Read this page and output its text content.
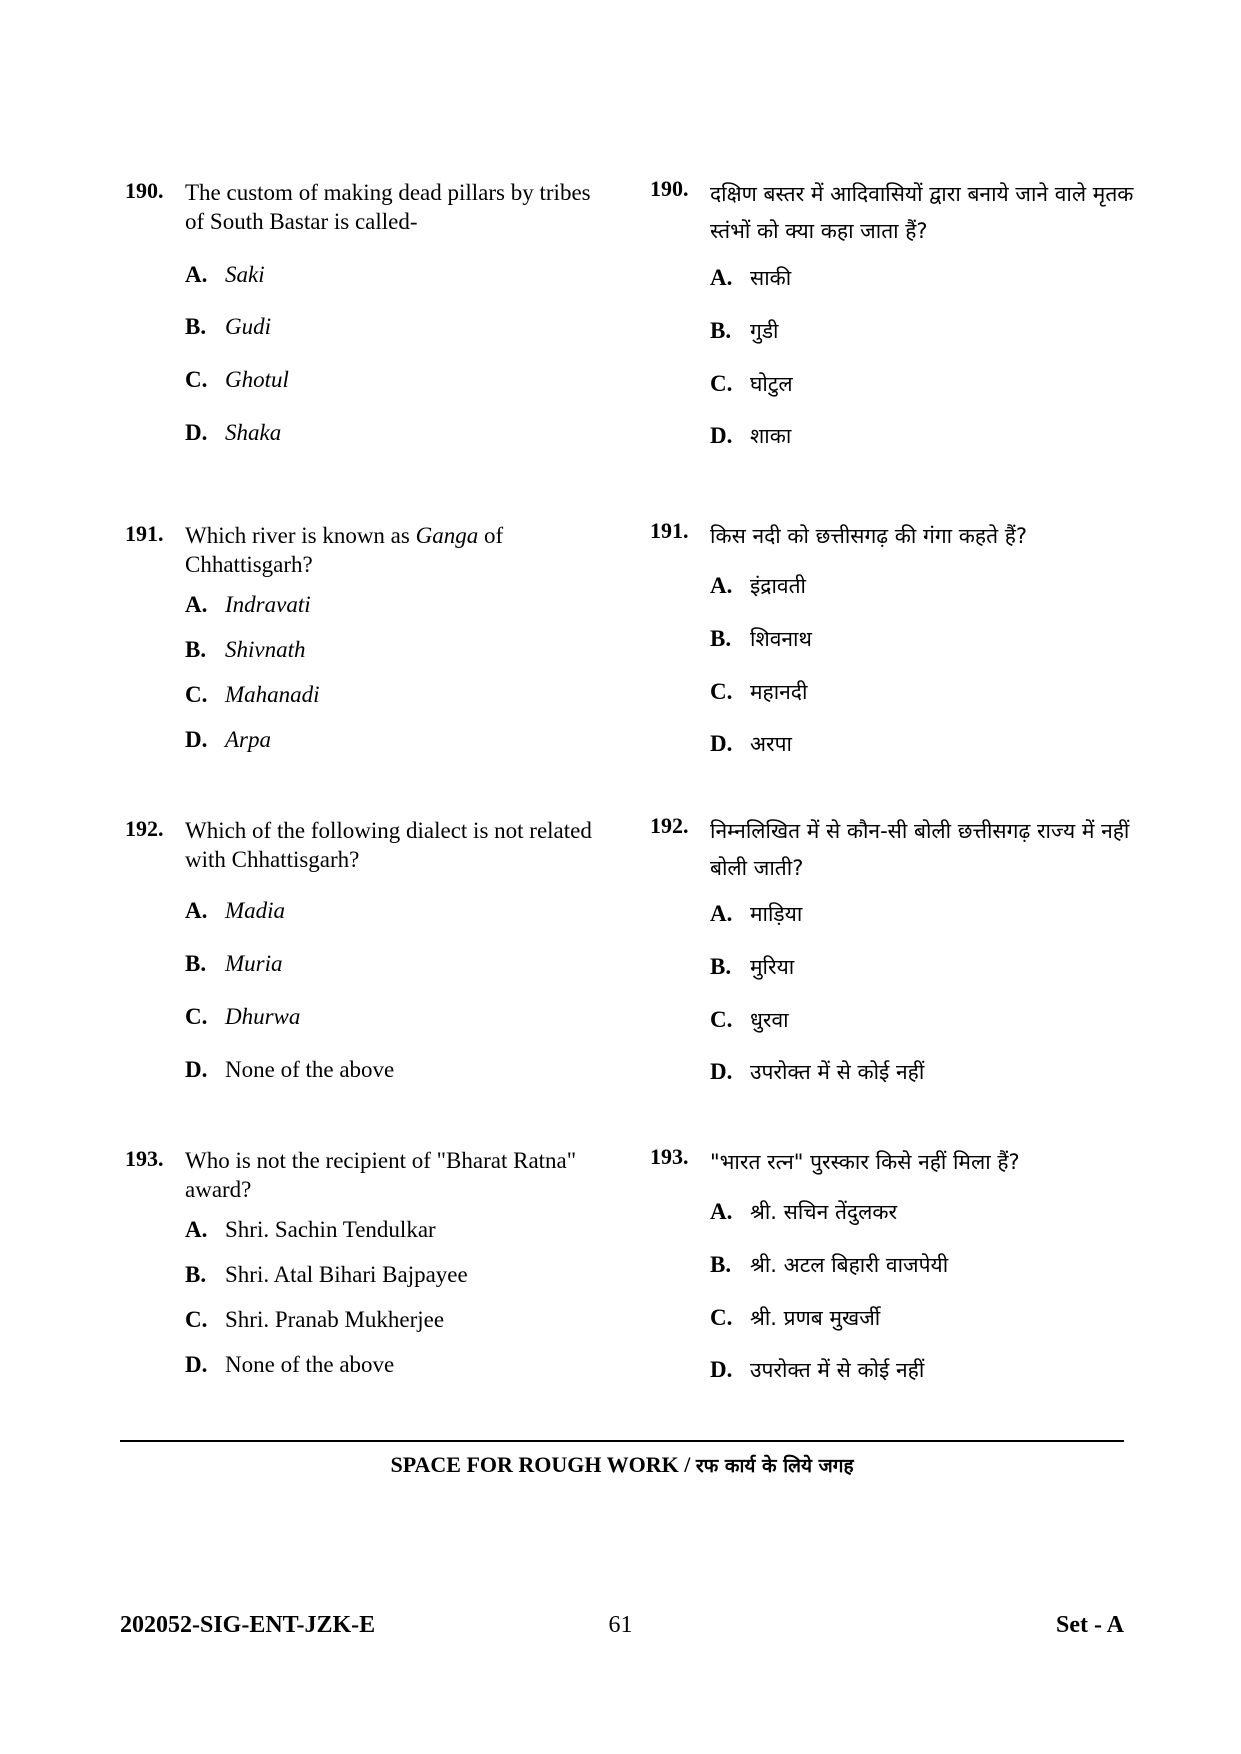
190. The custom of making dead pillars by tribes of South Bastar is called-
A. Saki
B. Gudi
C. Ghotul
D. Shaka
191. Which river is known as Ganga of Chhattisgarh?
A. Indravati
B. Shivnath
C. Mahanadi
D. Arpa
192. Which of the following dialect is not related with Chhattisgarh?
A. Madia
B. Muria
C. Dhurwa
D. None of the above
193. Who is not the recipient of "Bharat Ratna" award?
A. Shri. Sachin Tendulkar
B. Shri. Atal Bihari Bajpayee
C. Shri. Pranab Mukherjee
D. None of the above
190. दक्षिण बस्तर में आदिवासियों द्वारा बनाये जाने वाले मृतक स्तंभों को क्या कहा जाता हैं?
A. साकी
B. गुडी
C. घोटुल
D. शाका
191. किस नदी को छत्तीसगढ़ की गंगा कहते हैं?
A. इंद्रावती
B. शिवनाथ
C. महानदी
D. अरपा
192. निम्नलिखित में से कौन-सी बोली छत्तीसगढ़ राज्य में नहीं बोली जाती?
A. माड़िया
B. मुरिया
C. धुरवा
D. उपरोक्त में से कोई नहीं
193. "भारत रत्न" पुरस्कार किसे नहीं मिला हैं?
A. श्री. सचिन तेंदुलकर
B. श्री. अटल बिहारी वाजपेयी
C. श्री. प्रणब मुखर्जी
D. उपरोक्त में से कोई नहीं
SPACE FOR ROUGH WORK / रफ कार्य के लिये जगह
202052-SIG-ENT-JZK-E	61	Set - A
